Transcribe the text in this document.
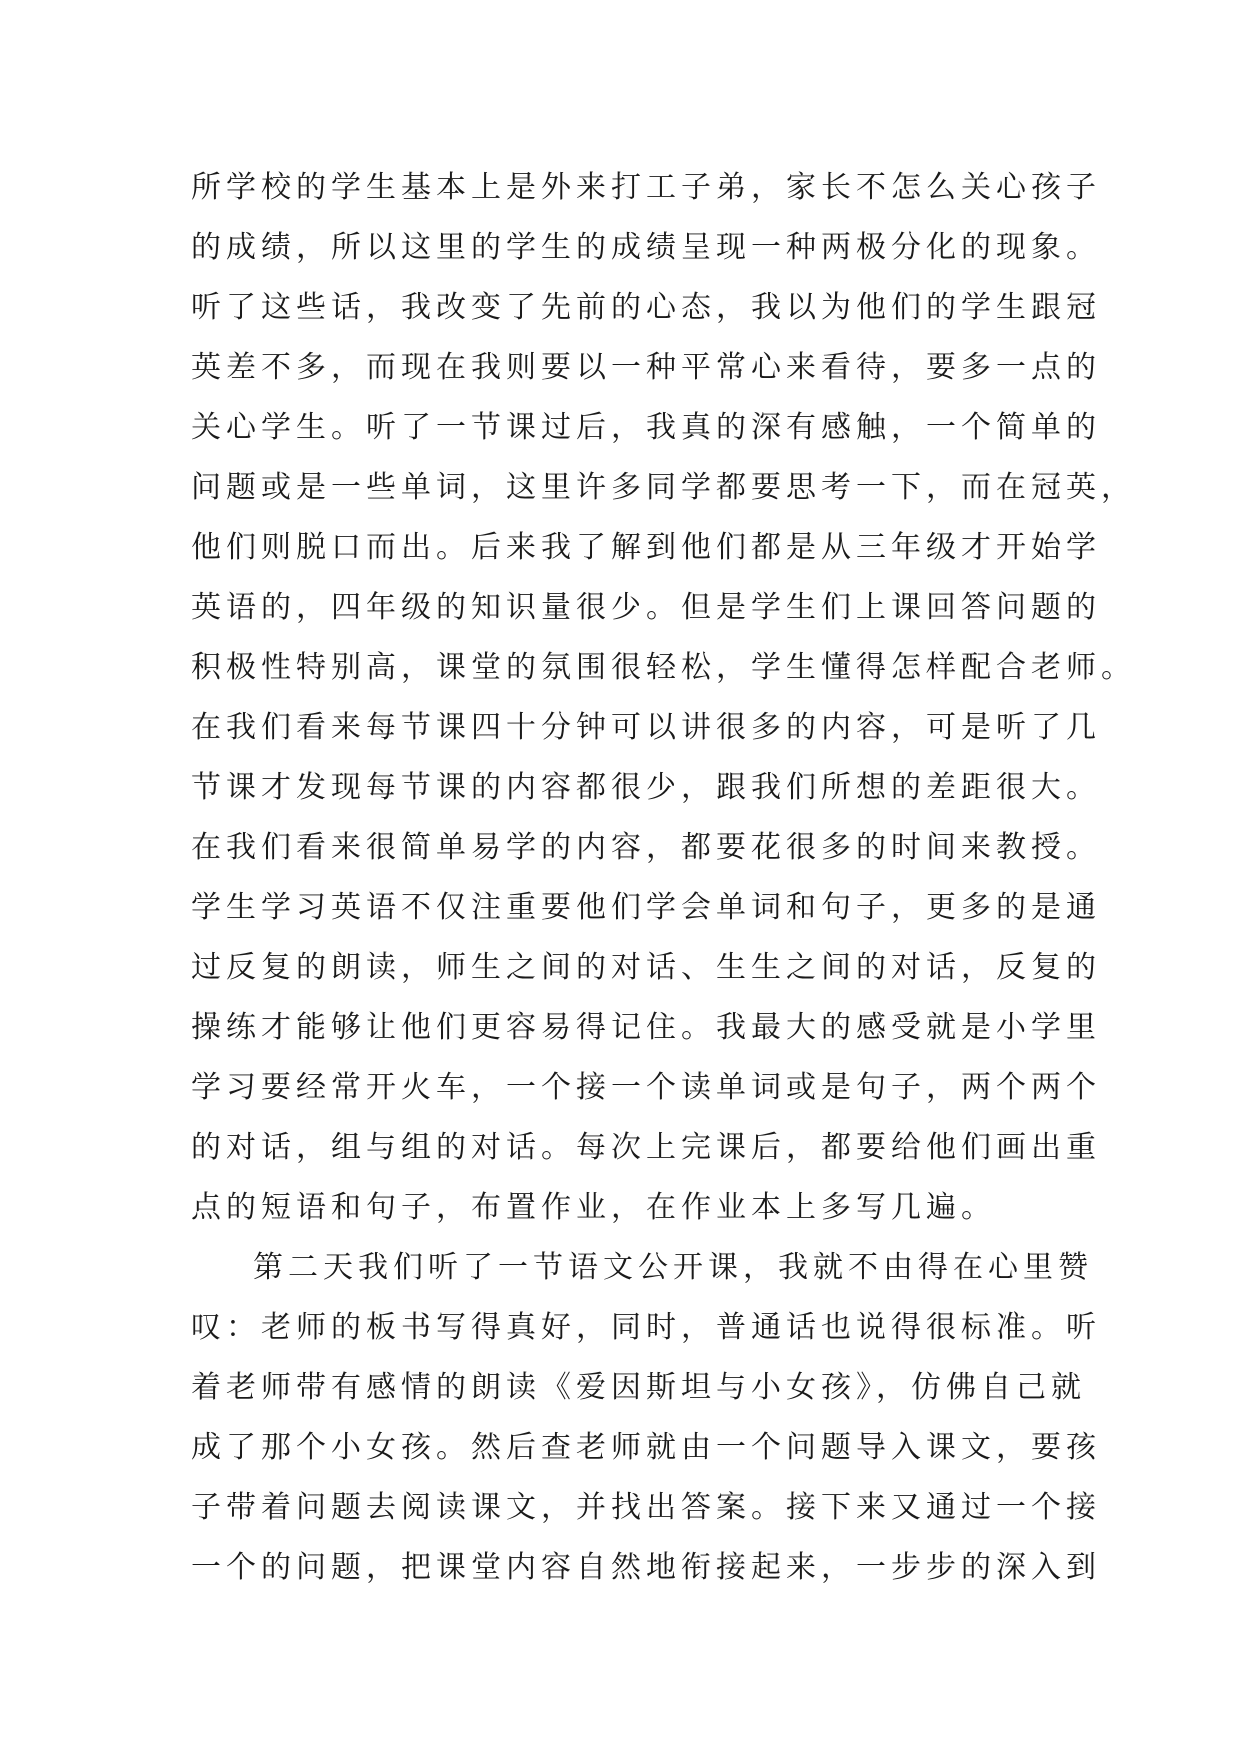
所学校的学生基本上是外来打工子弟，家长不怎么关心孩子
的成绩，所以这里的学生的成绩呈现一种两极分化的现象。
听了这些话，我改变了先前的心态，我以为他们的学生跟冠
英差不多，而现在我则要以一种平常心来看待，要多一点的
关心学生。听了一节课过后，我真的深有感触，一个简单的
问题或是一些单词，这里许多同学都要思考一下，而在冠英，
他们则脱口而出。后来我了解到他们都是从三年级才开始学
英语的，四年级的知识量很少。但是学生们上课回答问题的
积极性特别高，课堂的氛围很轻松，学生懂得怎样配合老师。
在我们看来每节课四十分钟可以讲很多的内容，可是听了几
节课才发现每节课的内容都很少，跟我们所想的差距很大。
在我们看来很简单易学的内容，都要花很多的时间来教授。
学生学习英语不仅注重要他们学会单词和句子，更多的是通
过反复的朗读，师生之间的对话、生生之间的对话，反复的
操练才能够让他们更容易得记住。我最大的感受就是小学里
学习要经常开火车，一个接一个读单词或是句子，两个两个
的对话，组与组的对话。每次上完课后，都要给他们画出重
点的短语和句子，布置作业，在作业本上多写几遍。
第二天我们听了一节语文公开课，我就不由得在心里赞
叹：老师的板书写得真好，同时，普通话也说得很标准。听
着老师带有感情的朗读《爱因斯坦与小女孩》，仿佛自己就
成了那个小女孩。然后查老师就由一个问题导入课文，要孩
子带着问题去阅读课文，并找出答案。接下来又通过一个接
一个的问题，把课堂内容自然地衔接起来，一步步的深入到
